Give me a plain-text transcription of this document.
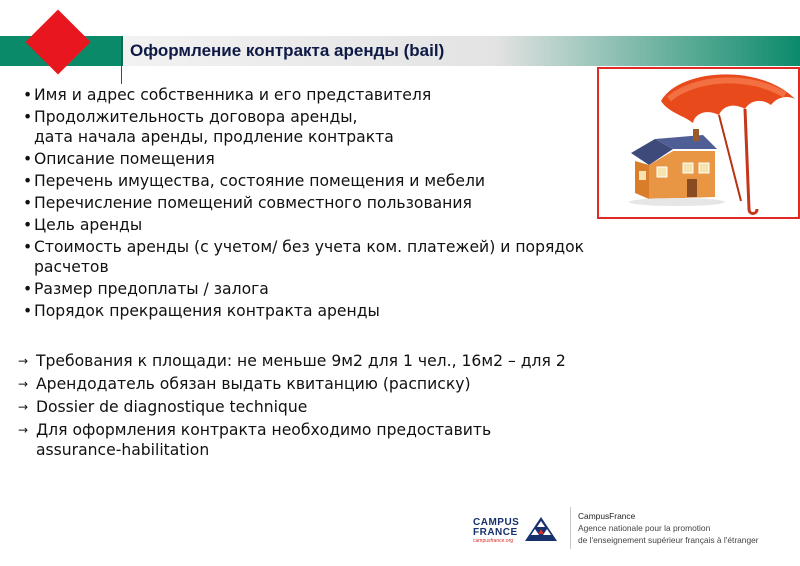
Оформление контракта аренды (bail)
• Имя и адрес собственника и его представителя
• Продолжительность договора аренды,
дата начала аренды, продление контракта
• Описание помещения
• Перечень имущества, состояние помещения и мебели
• Перечисление помещений совместного пользования
• Цель аренды
• Стоимость аренды (с учетом/ без учета ком. платежей) и порядок
расчетов
• Размер предоплаты / залога
• Порядок прекращения контракта аренды
→ Требования к площади: не меньше 9м2 для 1 чел., 16м2 – для 2
→ Арендодатель обязан выдать квитанцию (расписку)
→ Dossier de diagnostique technique
→ Для оформления контракта необходимо предоставить
assurance-habilitation
CAMPUS
FRANCE
campusfrance.org
CampusFrance
Agence nationale pour la promotion
de l'enseignement supérieur français à l'étranger
